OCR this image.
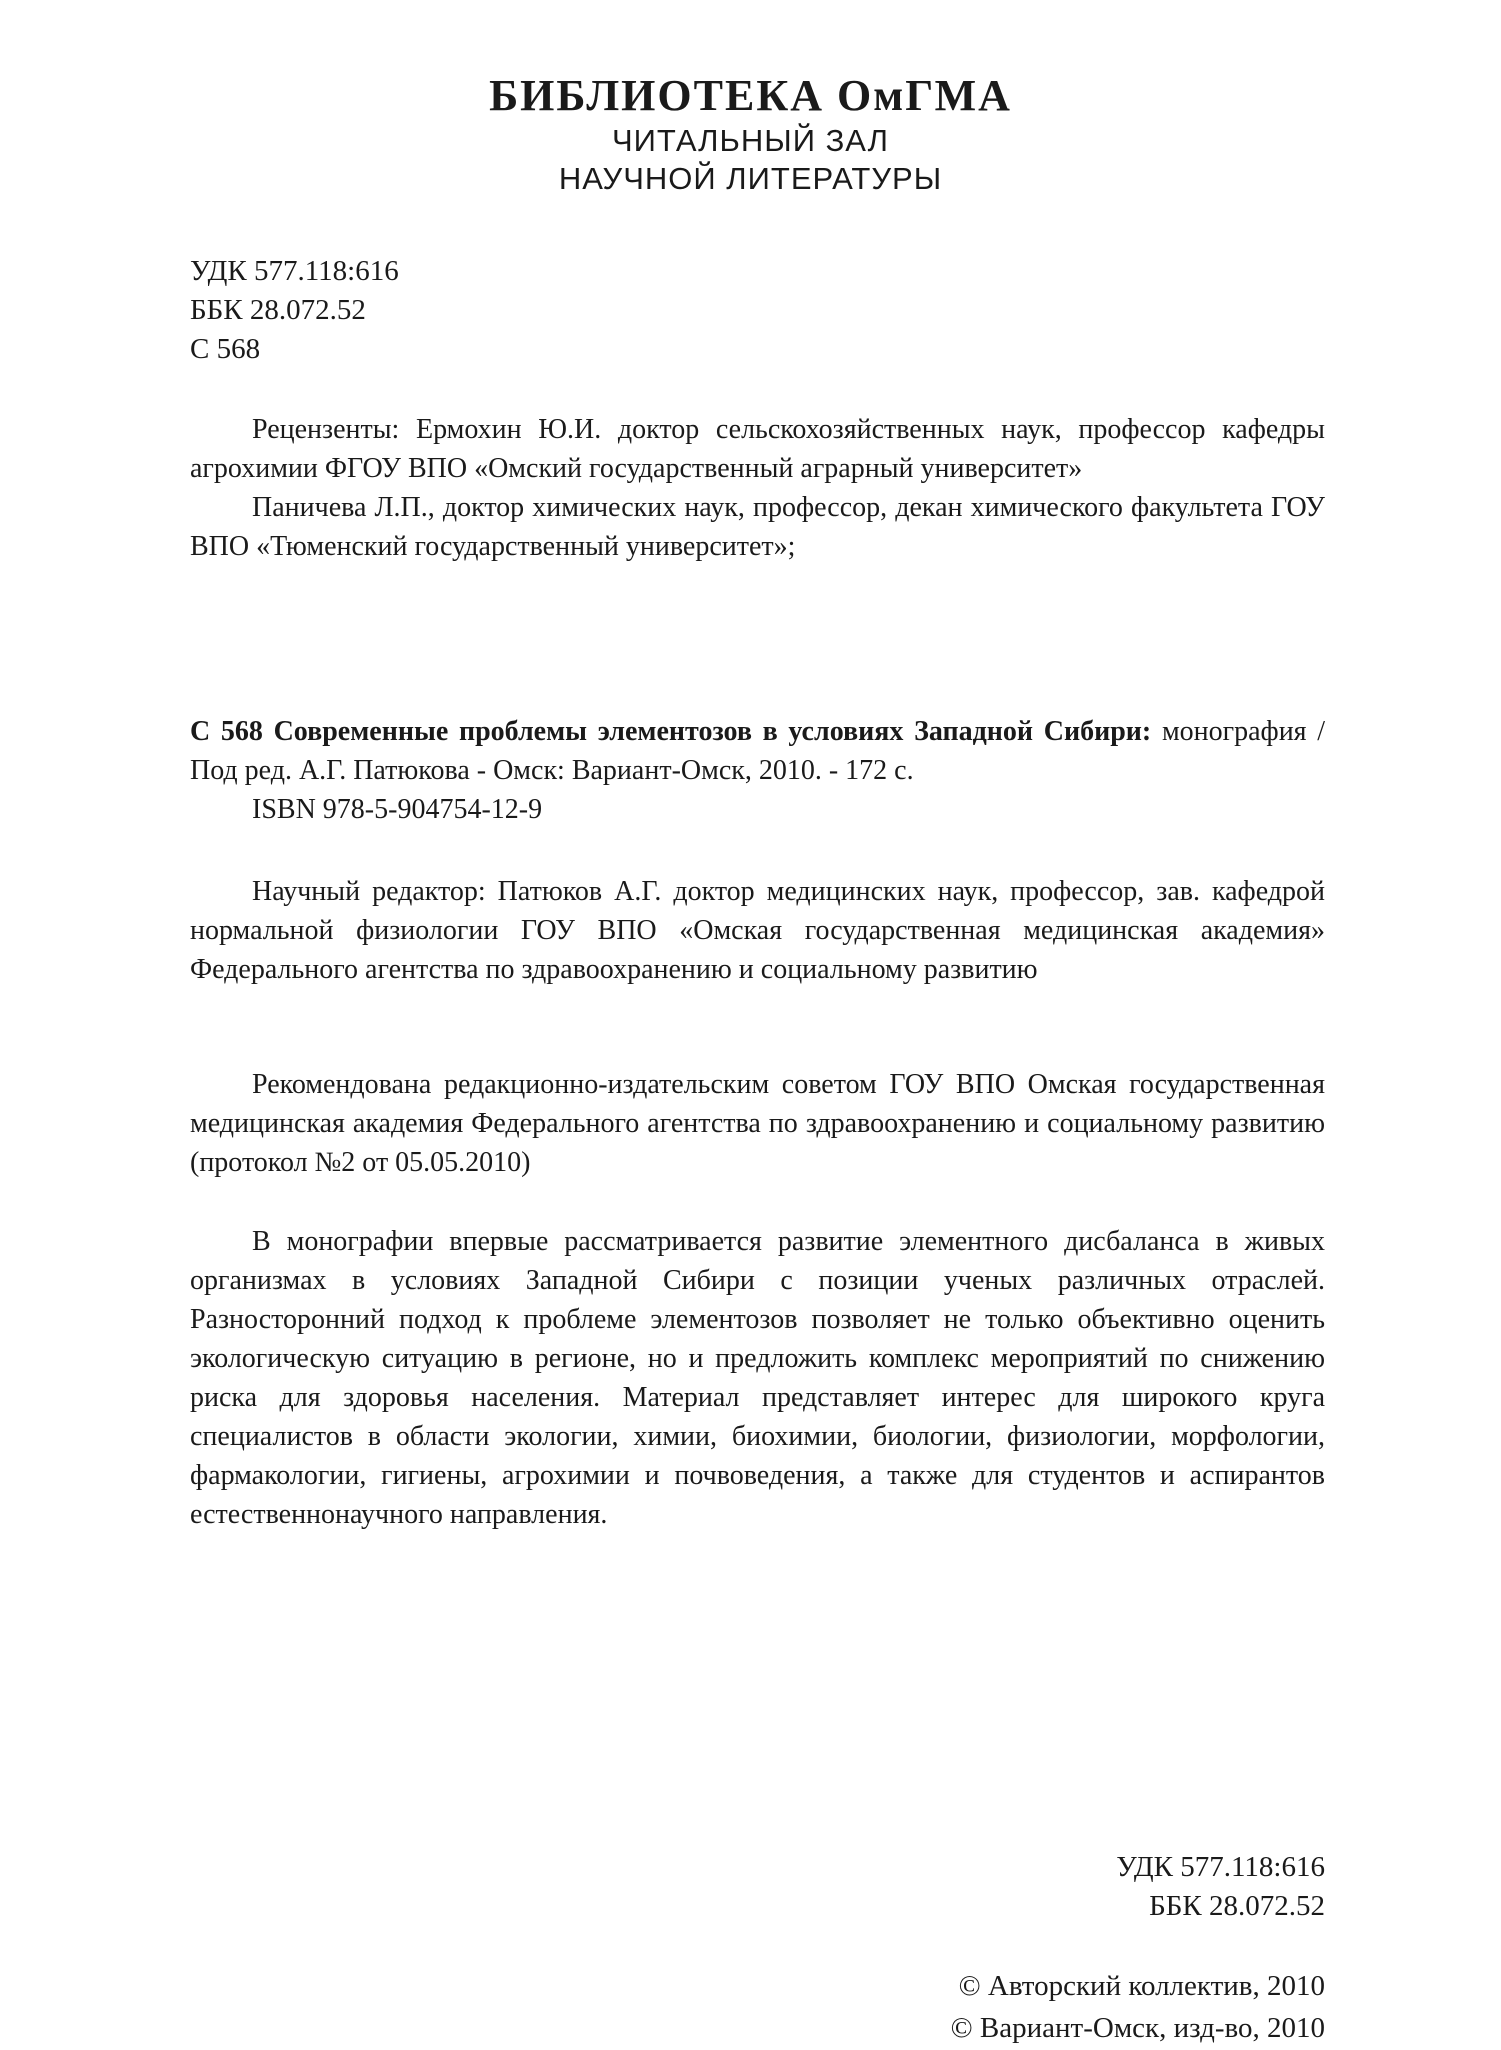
БИБЛИОТЕКА ОмГМА
ЧИТАЛЬНЫЙ ЗАЛ
НАУЧНОЙ ЛИТЕРАТУРЫ
УДК 577.118:616
ББК 28.072.52
С 568

Рецензенты: Ермохин Ю.И. доктор сельскохозяйственных наук, профессор кафедры агрохимии ФГОУ ВПО «Омский государственный аграрный университет»

Паничева Л.П., доктор химических наук, профессор, декан химического факультета ГОУ ВПО «Тюменский государственный университет»;

С 568 Современные проблемы элементозов в условиях Западной Сибири: монография / Под ред. А.Г. Патюкова - Омск: Вариант-Омск, 2010. - 172 с.

ISBN 978-5-904754-12-9

Научный редактор: Патюков А.Г. доктор медицинских наук, профессор, зав. кафедрой нормальной физиологии ГОУ ВПО «Омская государственная медицинская академия» Федерального агентства по здравоохранению и социальному развитию

Рекомендована редакционно-издательским советом ГОУ ВПО Омская государственная медицинская академия Федерального агентства по здравоохранению и социальному развитию (протокол №2 от 05.05.2010)

В монографии впервые рассматривается развитие элементного дисбаланса в живых организмах в условиях Западной Сибири с позиции ученых различных отраслей. Разносторонний подход к проблеме элементозов позволяет не только объективно оценить экологическую ситуацию в регионе, но и предложить комплекс мероприятий по снижению риска для здоровья населения. Материал представляет интерес для широкого круга специалистов в области экологии, химии, биохимии, биологии, физиологии, морфологии, фармакологии, гигиены, агрохимии и почвоведения, а также для студентов и аспирантов естественнонаучного направления.

УДК 577.118:616
ББК 28.072.52
© Авторский коллектив, 2010
© Вариант-Омск, изд-во, 2010
